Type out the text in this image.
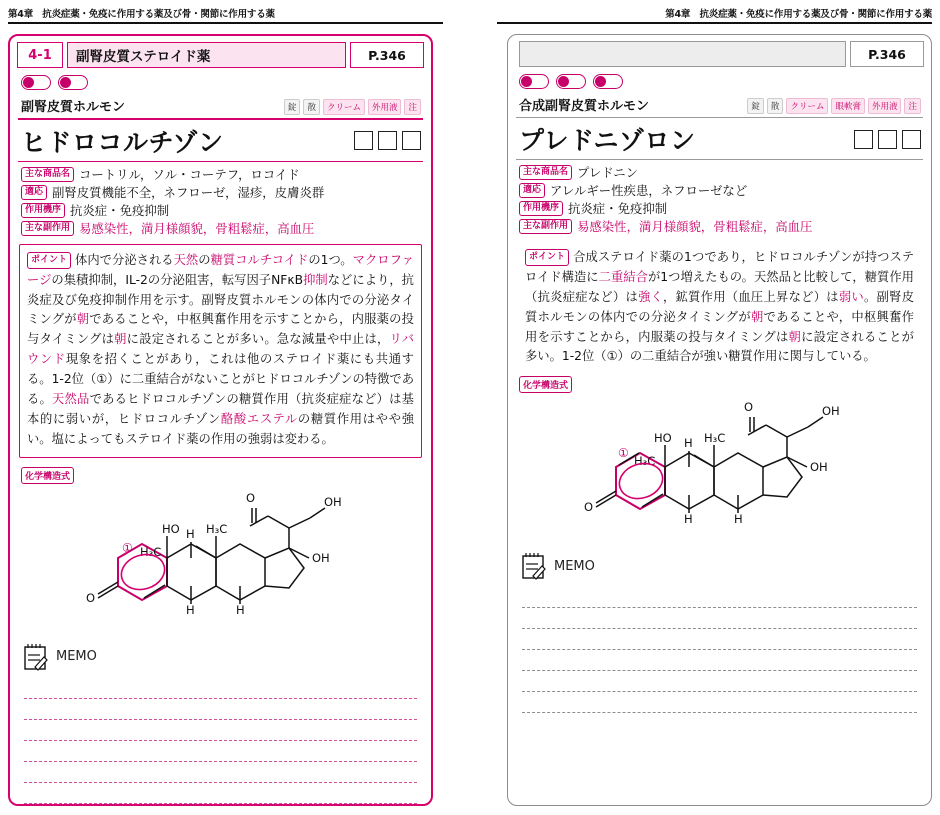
第4章　抗炎症薬・免疫に作用する薬及び骨・関節に作用する薬	第4章　抗炎症薬・免疫に作用する薬及び骨・関節に作用する薬
4-1	副腎皮質ステロイド薬	P.346
副腎皮質ホルモン	錠	散	クリーム	外用液	注
ヒドロコルチゾン
主な商品名 コートリル，ソル・コーテフ，ロコイド
適応 副腎皮質機能不全，ネフローゼ，湿疹，皮膚炎群
作用機序 抗炎症・免疫抑制
主な副作用 易感染性，満月様顔貌，骨粗鬆症，高血圧
ポイント 体内で分泌される天然の糖質コルチコイドの1つ。マクロファージの集積抑制，IL-2の分泌阻害，転写因子NFκB抑制などにより，抗炎症及び免疫抑制作用を示す。副腎皮質ホルモンの体内での分泌タイミングが朝であることや，中枢興奮作用を示すことから，内服薬の投与タイミングは朝に設定されることが多い。急な減量や中止は，リバウンド現象を招くことがあり，これは他のステロイド薬にも共通する。1-2位（①）に二重結合がないことがヒドロコルチゾンの特徴である。天然品であるヒドロコルチゾンの糖質作用（抗炎症症など）は基本的に弱いが，ヒドロコルチゾン酪酸エステルの糖質作用はやや強い。塩によってもステロイド薬の作用の強弱は変わる。
化学構造式
O
HO H H₃C
OH
OH
H	H
H₃C
O
①
MEMO
P.346
合成副腎皮質ホルモン	錠	散	クリーム	眼軟膏	外用液	注
プレドニゾロン
主な商品名 プレドニン
適応 アレルギー性疾患，ネフローゼなど
作用機序 抗炎症・免疫抑制
主な副作用 易感染性，満月様顔貌，骨粗鬆症，高血圧
ポイント 合成ステロイド薬の1つであり，ヒドロコルチゾンが持つステロイド構造に二重結合が1つ増えたもの。天然品と比較して，糖質作用（抗炎症症など）は強く，鉱質作用（血圧上昇など）は弱い。副腎皮質ホルモンの体内での分泌タイミングが朝であることや，中枢興奮作用を示すことから，内服薬の投与タイミングは朝に設定されることが多い。1-2位（①）の二重結合が強い糖質作用に関与している。
化学構造式
O
HO H H₃C
OH
OH
H	H
H₃C
O
①
MEMO
